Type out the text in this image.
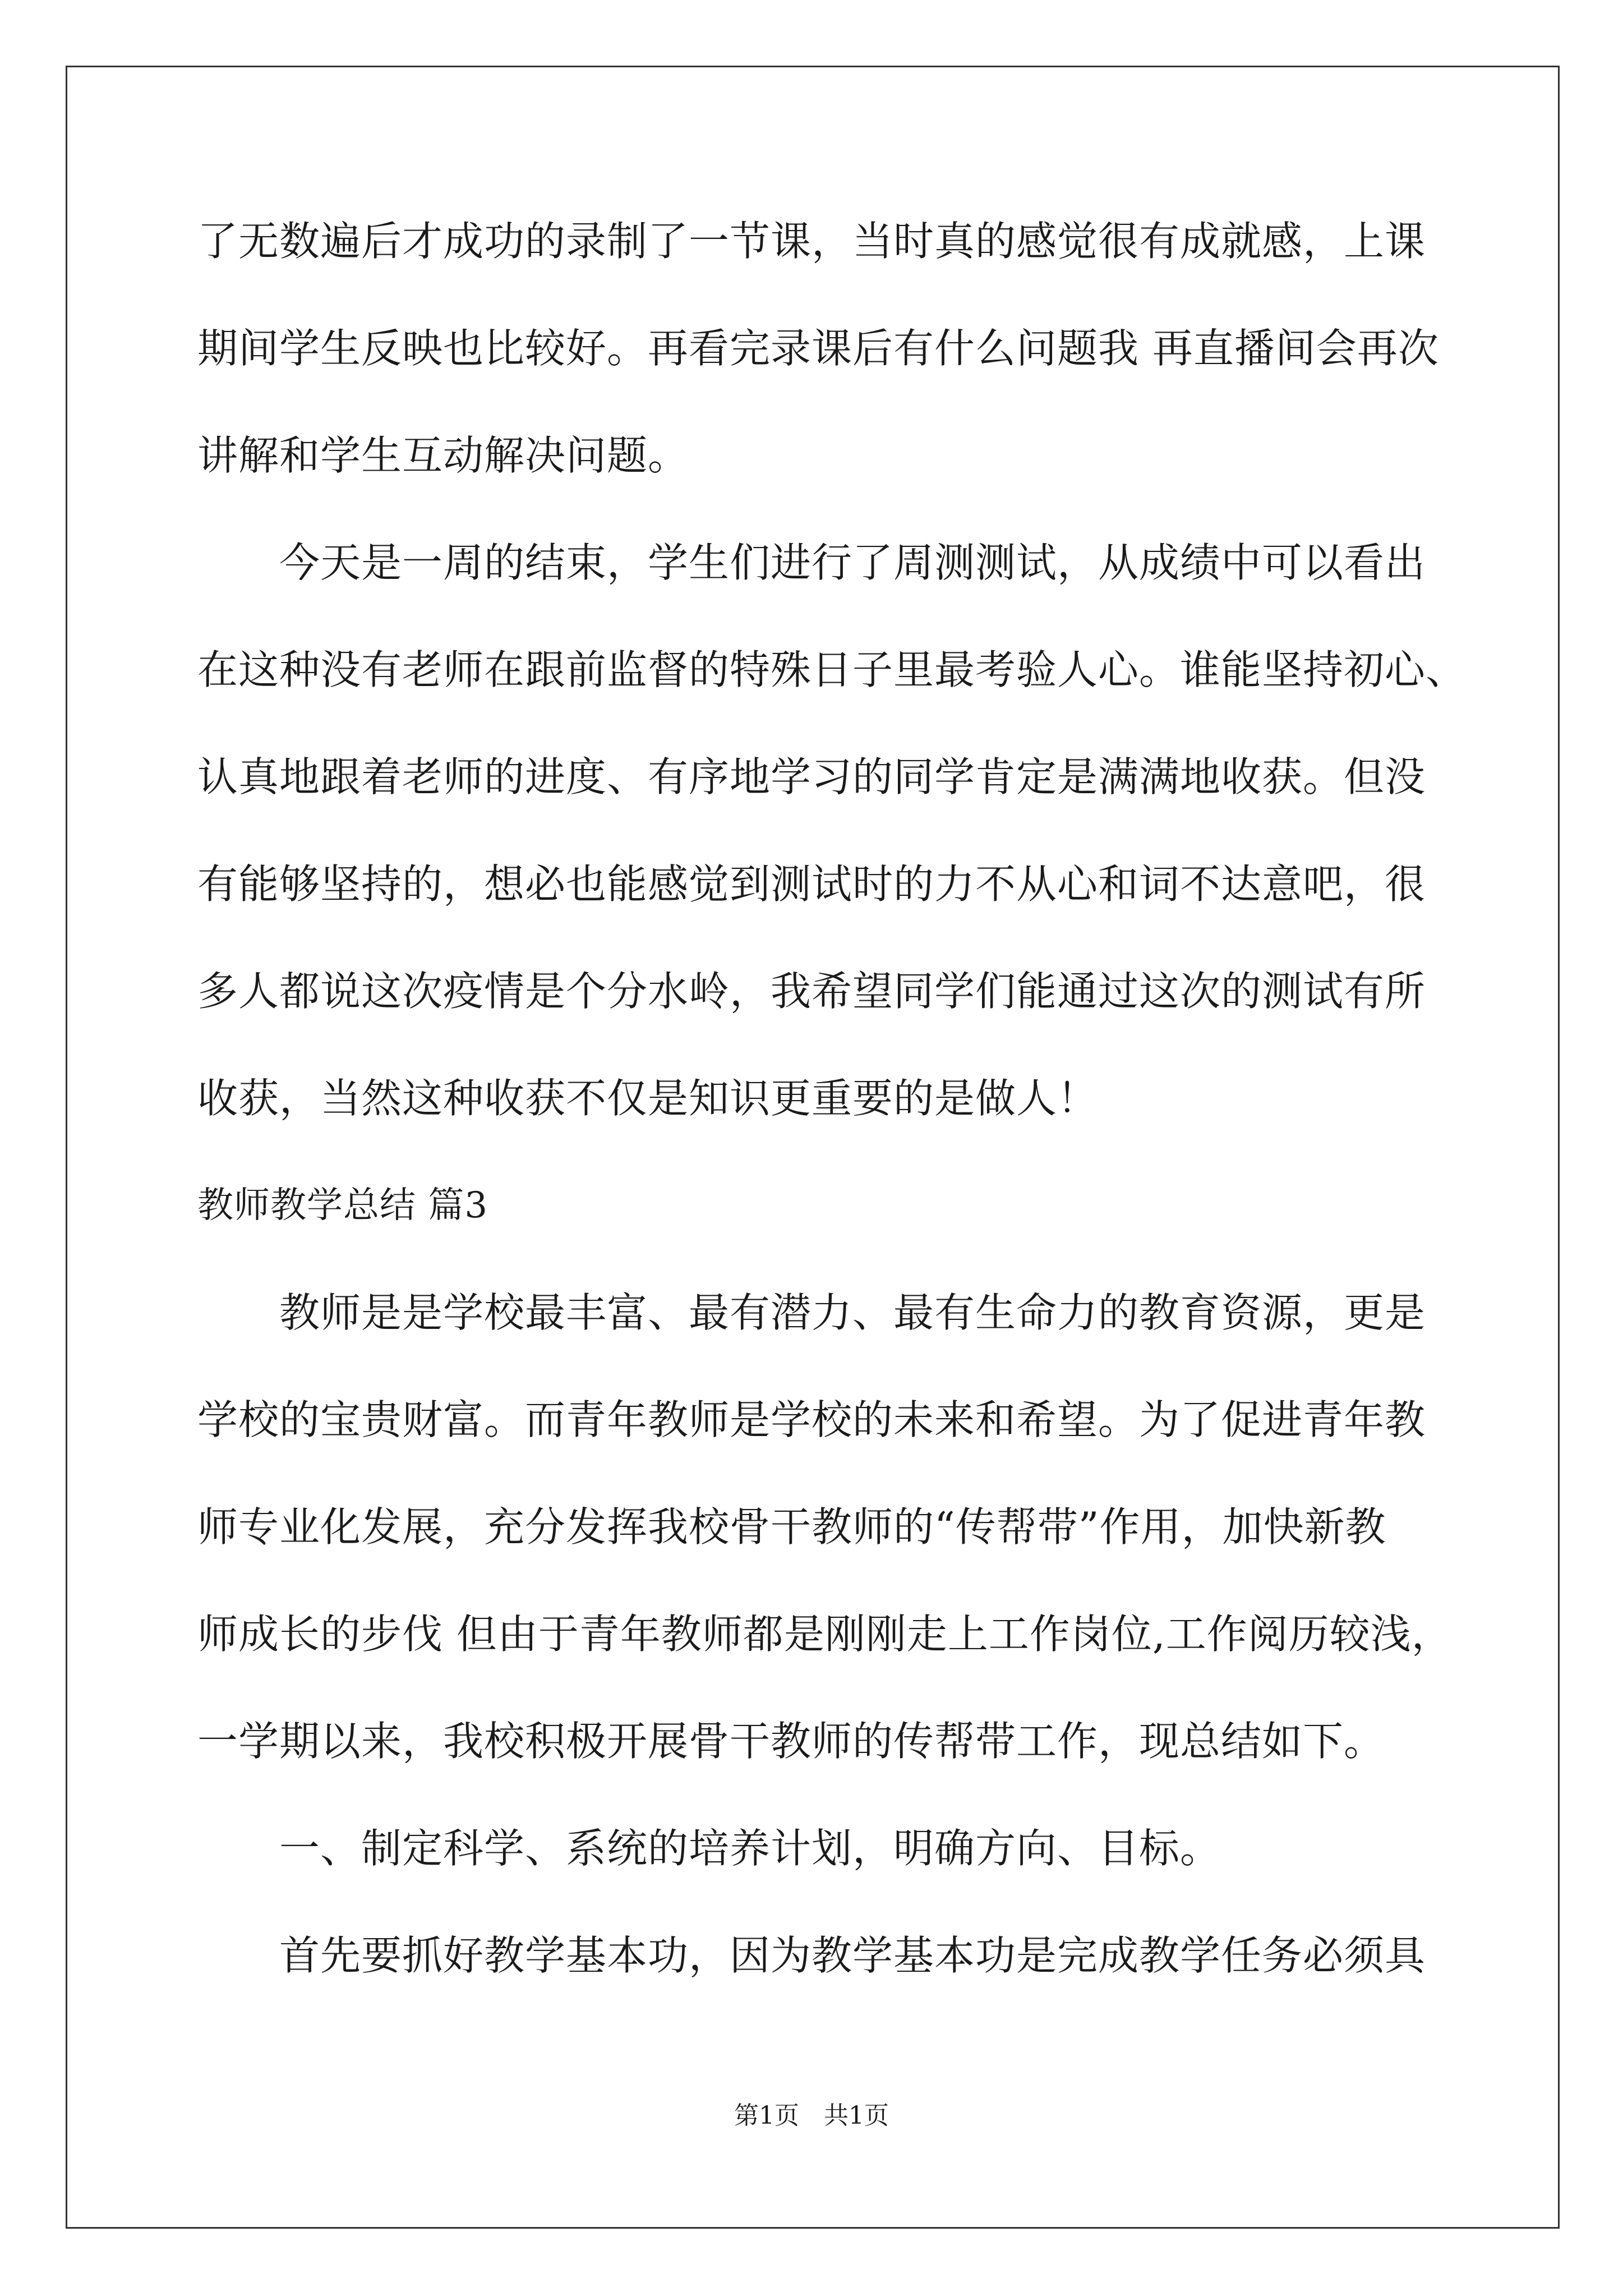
了无数遍后才成功的录制了一节课，当时真的感觉很有成就感，上课
期间学生反映也比较好。再看完录课后有什么问题我 再直播间会再次
讲解和学生互动解决问题。
　　今天是一周的结束，学生们进行了周测测试，从成绩中可以看出
在这种没有老师在跟前监督的特殊日子里最考验人心。谁能坚持初心、
认真地跟着老师的进度、有序地学习的同学肯定是满满地收获。但没
有能够坚持的，想必也能感觉到测试时的力不从心和词不达意吧，很
多人都说这次疫情是个分水岭，我希望同学们能通过这次的测试有所
收获，当然这种收获不仅是知识更重要的是做人！
教师教学总结 篇3
　　教师是是学校最丰富、最有潜力、最有生命力的教育资源，更是
学校的宝贵财富。而青年教师是学校的未来和希望。为了促进青年教
师专业化发展，充分发挥我校骨干教师的“传帮带”作用，加快新教
师成长的步伐 但由于青年教师都是刚刚走上工作岗位,工作阅历较浅，
一学期以来，我校积极开展骨干教师的传帮带工作，现总结如下。
　　一、制定科学、系统的培养计划，明确方向、目标。
　　首先要抓好教学基本功，因为教学基本功是完成教学任务必须具
第1页　共1页
